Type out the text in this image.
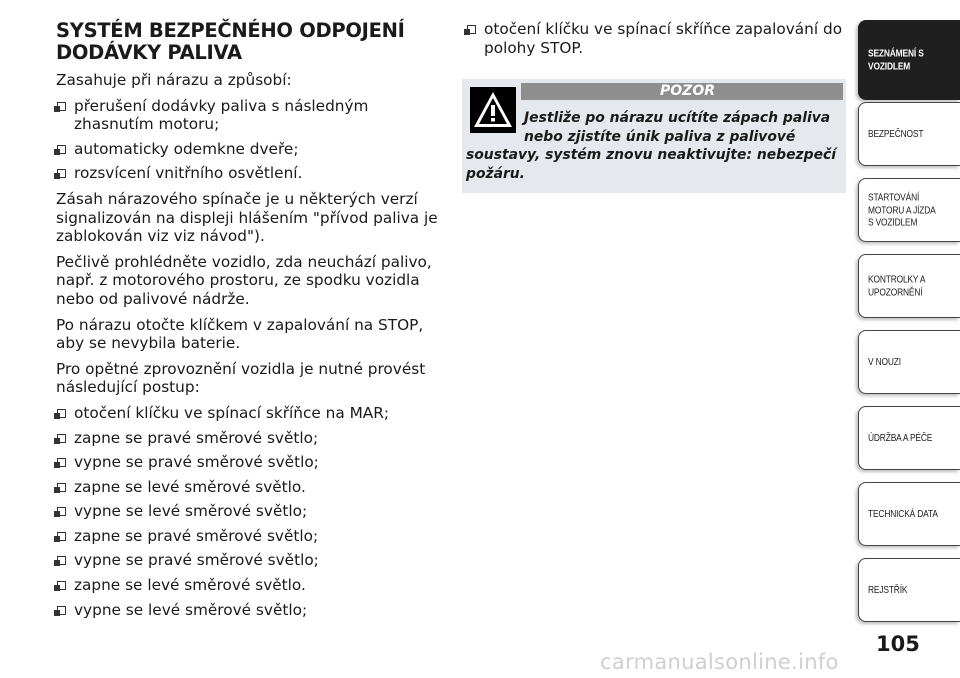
SYSTÉM BEZPEČNÉHO ODPOJENÍ
DODÁVKY PALIVA

Zasahuje při nárazu a způsobí:

přerušení dodávky paliva s následným zhasnutím motoru;
automaticky odemkne dveře;
rozsvícení vnitřního osvětlení.

Zásah nárazového spínače je u některých verzí signalizován na displeji hlášením "přívod paliva je zablokován viz viz návod").

Pečlivě prohlédněte vozidlo, zda neuchází palivo, např. z motorového prostoru, ze spodku vozidla nebo od palivové nádrže.

Po nárazu otočte klíčkem v zapalování na STOP, aby se nevybila baterie.

Pro opětné zprovoznění vozidla je nutné provést následující postup:

otočení klíčku ve spínací skříňce na MAR;
zapne se pravé směrové světlo;
vypne se pravé směrové světlo;
zapne se levé směrové světlo.
vypne se levé směrové světlo;
zapne se pravé směrové světlo;
vypne se pravé směrové světlo;
zapne se levé směrové světlo.
vypne se levé směrové světlo;
otočení klíčku ve spínací skříňce zapalování do polohy STOP.
POZOR

Jestliže po nárazu ucítíte zápach paliva
nebo zjistíte únik paliva z palivové
soustavy, systém znovu neaktivujte: nebezpečí
požáru.

SEZNÁMENÍ S VOZIDLEM
BEZPEČNOST
STARTOVÁNÍ MOTORU A JÍZDA S VOZIDLEM
KONTROLKY A UPOZORNĚNÍ
V NOUZI
ÚDRŽBA A PÉČE
TECHNICKÁ DATA
REJSTŘÍK
105
carmanualsonline.info
